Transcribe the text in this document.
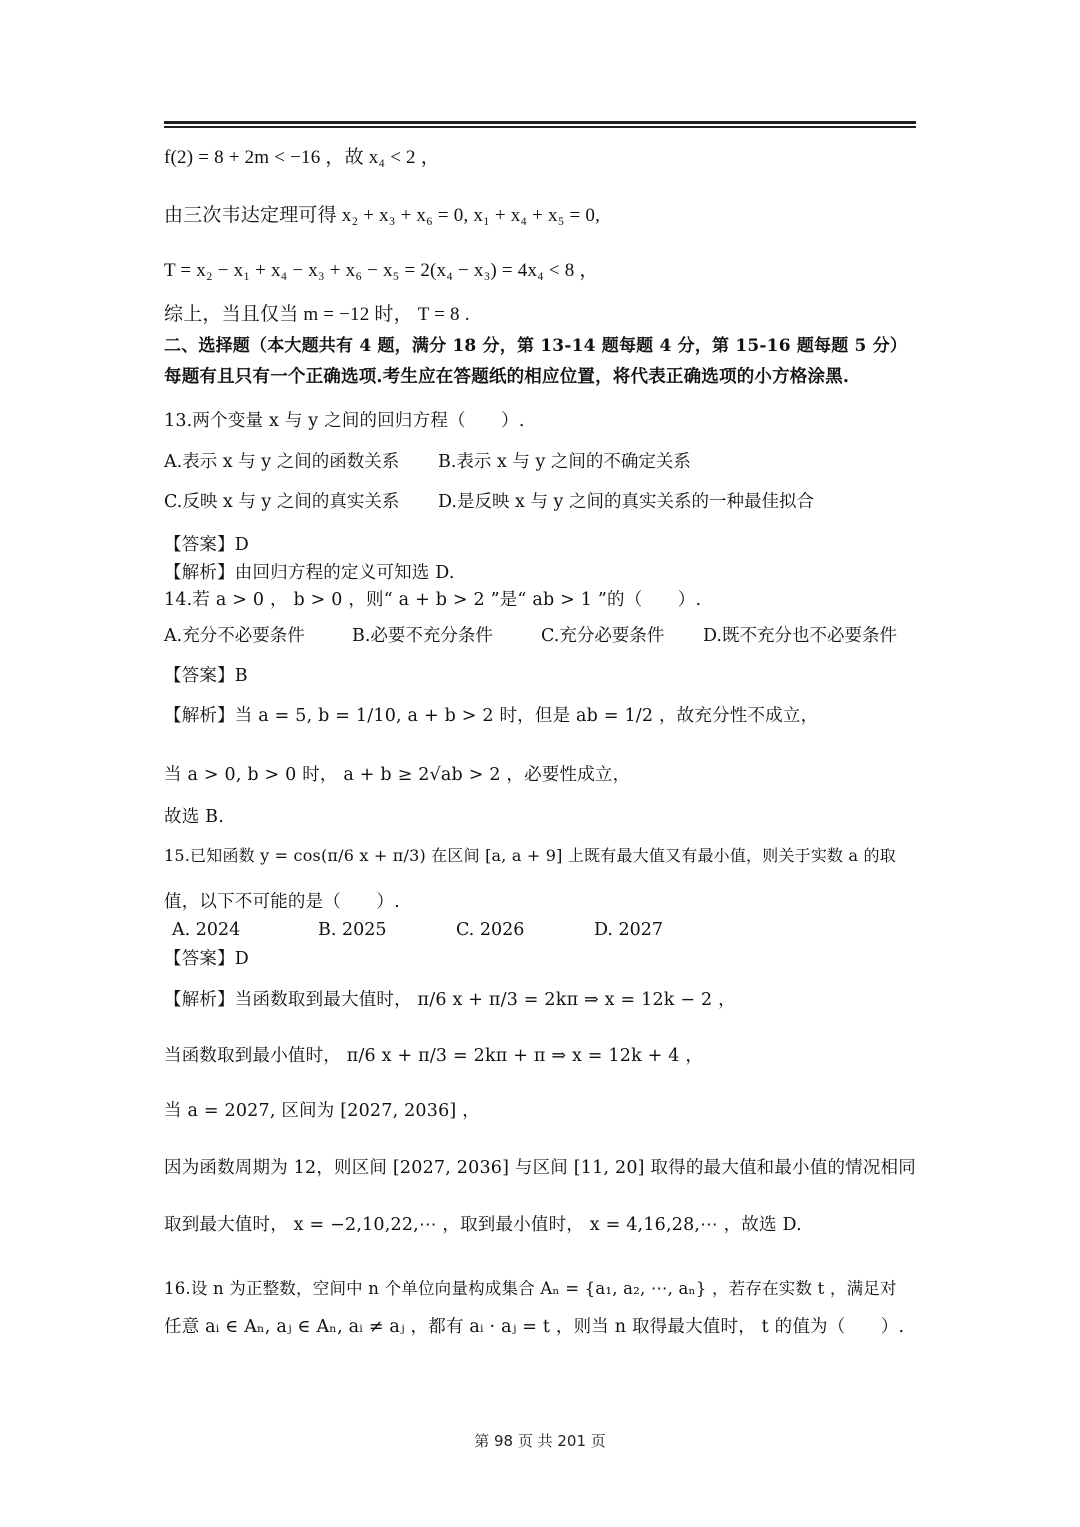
f(2) = 8 + 2m < −16 ，故 x₄ < 2 ，
由三次韦达定理可得 x₂ + x₃ + x₆ = 0, x₁ + x₄ + x₅ = 0,
T = x₂ − x₁ + x₄ − x₃ + x₆ − x₅ = 2(x₄ − x₃) = 4x₄ < 8 ，
综上，当且仅当 m = −12 时， T = 8 .
二、选择题（本大题共有 4 题，满分 18 分，第 13-14 题每题 4 分，第 15-16 题每题 5 分）
每题有且只有一个正确选项.考生应在答题纸的相应位置，将代表正确选项的小方格涂黑.
13.两个变量 x 与 y 之间的回归方程（　　）.
A.表示 x 与 y 之间的函数关系 B.表示 x 与 y 之间的不确定关系
C.反映 x 与 y 之间的真实关系 D.是反映 x 与 y 之间的真实关系的一种最佳拟合
【答案】D
【解析】由回归方程的定义可知选 D.
14.若 a > 0 ， b > 0 ，则“ a + b > 2 ”是“ ab > 1 ”的（　　）.
A.充分不必要条件	B.必要不充分条件	C.充分必要条件 D.既不充分也不必要条件
【答案】B
【解析】当 a = 5, b = 1/10, a + b > 2 时，但是 ab = 1/2 ，故充分性不成立，
当 a > 0, b > 0 时， a + b ≥ 2√ab > 2 ，必要性成立，
故选 B.
15.已知函数 y = cos(π/6 x + π/3) 在区间 [a, a + 9] 上既有最大值又有最小值，则关于实数 a 的取
值，以下不可能的是（　　）.
A. 2024	B. 2025	C. 2026	D. 2027
【答案】D
【解析】当函数取到最大值时， π/6 x + π/3 = 2kπ ⇒ x = 12k − 2 ，
当函数取到最小值时， π/6 x + π/3 = 2kπ + π ⇒ x = 12k + 4 ，
当 a = 2027, 区间为 [2027, 2036] ，
因为函数周期为 12，则区间 [2027, 2036] 与区间 [11, 20] 取得的最大值和最小值的情况相同
取到最大值时， x = −2,10,22,⋯ ，取到最小值时， x = 4,16,28,⋯ ，故选 D.
16.设 n 为正整数，空间中 n 个单位向量构成集合 Aₙ = {a₁, a₂, ⋯, aₙ} ，若存在实数 t ，满足对
任意 aᵢ ∈ Aₙ, aⱼ ∈ Aₙ, aᵢ ≠ aⱼ ，都有 aᵢ · aⱼ = t ，则当 n 取得最大值时， t 的值为（　　）.
第 98 页 共 201 页
